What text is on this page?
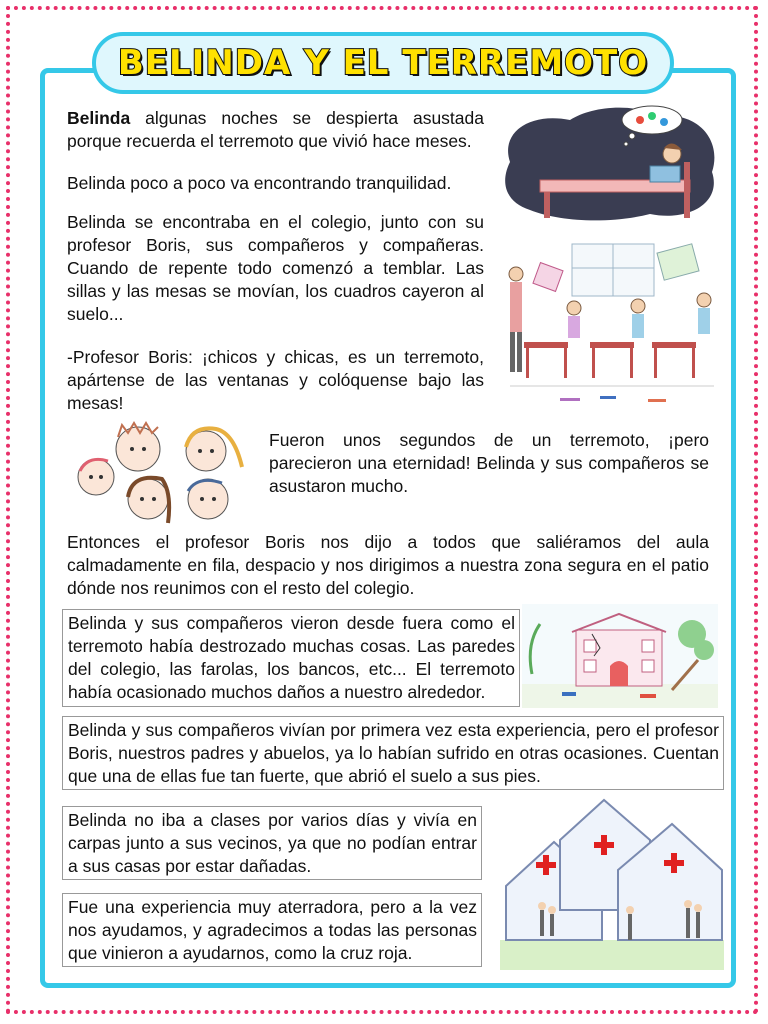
BELINDA Y EL TERREMOTO

Belinda algunas noches se despierta asustada porque recuerda el terremoto que vivió hace meses.

Belinda poco a poco va encontrando tranquilidad.

Belinda se encontraba en el colegio, junto con su profesor Boris, sus compañeros y compañeras. Cuando de repente todo comenzó a temblar. Las sillas y las mesas se movían, los cuadros cayeron al suelo...

-Profesor Boris: ¡chicos y chicas, es un terremoto, apártense de las ventanas y colóquense bajo las mesas!

Fueron unos segundos de un terremoto, ¡pero parecieron una eternidad! Belinda y sus compañeros se asustaron mucho.

Entonces el profesor Boris nos dijo a todos que saliéramos del aula calmadamente en fila, despacio y nos dirigimos a nuestra zona segura en el patio dónde nos reunimos con el resto del colegio.

Belinda y sus compañeros vieron desde fuera como el terremoto había destrozado muchas cosas. Las paredes del colegio, las farolas, los bancos, etc... El terremoto había ocasionado muchos daños a nuestro alrededor.

Belinda y sus compañeros vivían por primera vez esta experiencia, pero el profesor Boris, nuestros padres y abuelos, ya lo habían sufrido en otras ocasiones. Cuentan que una de ellas fue tan fuerte, que abrió el suelo a sus pies.

Belinda no iba a clases por varios días y vivía en carpas junto a sus vecinos, ya que no podían entrar a sus casas por estar dañadas.

Fue una experiencia muy aterradora, pero a la vez nos ayudamos, y agradecimos a todas las personas que vinieron a ayudarnos, como la cruz roja.
